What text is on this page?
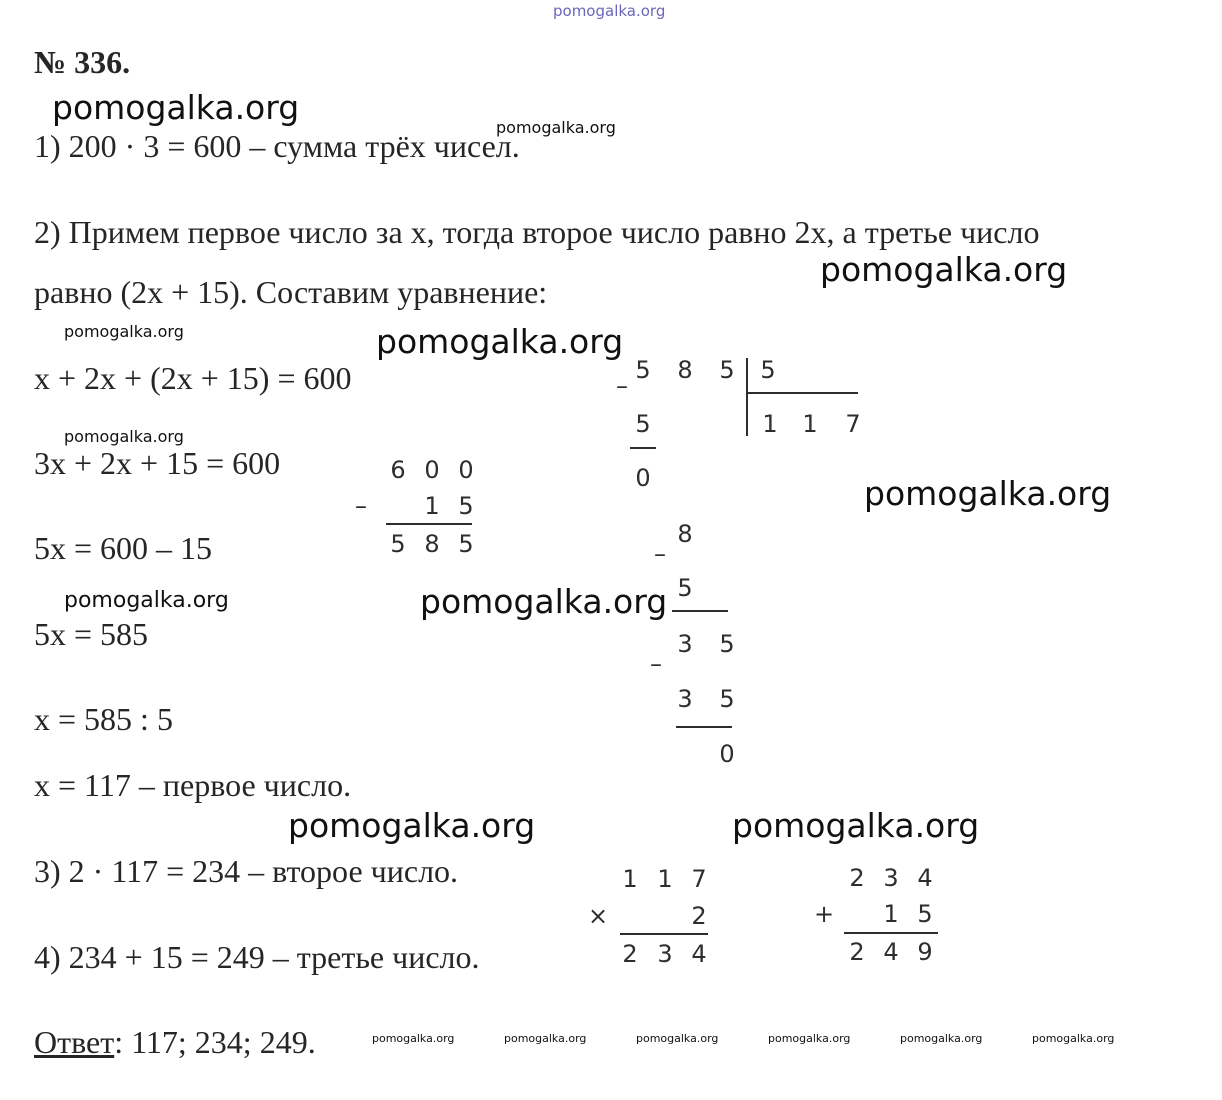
pomogalka.org
pomogalka.org
pomogalka.org
pomogalka.org
pomogalka.org	pomogalka.org
pomogalka.org
pomogalka.org
pomogalka.org	pomogalka.org
pomogalka.org	pomogalka.org
№ 336.
1) 200 · 3 = 600 – сумма трёх чисел.
2) Примем первое число за x, тогда второе число равно 2x, а третье число
равно (2x + 15). Составим уравнение:
x + 2x + (2x + 15) = 600
3x + 2x + 15 = 600
5x = 600 – 15
5x = 585
x = 585 : 5
x = 117 – первое число.
3) 2 · 117 = 234 – второе число.
4) 234 + 15 = 249 – третье число.
Ответ: 117; 234; 249.	pomogalka.org	pomogalka.org	pomogalka.org	pomogalka.org	pomogalka.org	pomogalka.org
–
6 0 0
1 5
5 8 5
–
5 8 5 5
1 1 7
5
0
–
8
5
–
3 5
3 5
0
×
1 1 7
2
2 3 4
+
2 3 4
1 5
2 4 9
